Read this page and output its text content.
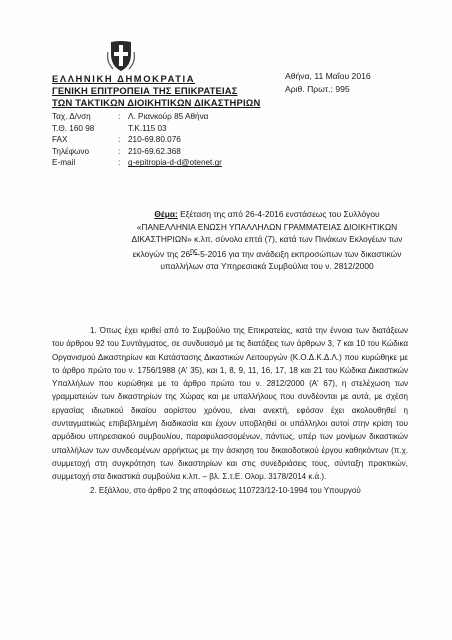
ΕΛΛΗΝΙΚΗ ΔΗΜΟΚΡΑΤΙΑ
ΓΕΝΙΚΗ ΕΠΙΤΡΟΠΕΙΑ ΤΗΣ ΕΠΙΚΡΑΤΕΙΑΣ
ΤΩΝ ΤΑΚΤΙΚΩΝ ΔΙΟΙΚΗΤΙΚΩΝ ΔΙΚΑΣΤΗΡΙΩΝ
Αθήνα, 11 Μαΐου 2016
Αριθ. Πρωτ.: 995
Ταχ. Δ/νση	: Λ. Ριανκούρ 85 Αθήνα
Τ.Θ. 160 98	Τ.Κ.115 03
FAX	: 210-69.80.076
Τηλέφωνο	: 210-69.62.368
E-mail	: g-epitropia-d-d@otenet.gr
Θέμα: Εξέταση της από 26-4-2016 ενστάσεως του Συλλόγου «ΠΑΝΕΛΛΗΝΙΑ ΕΝΩΣΗ ΥΠΑΛΛΗΛΩΝ ΓΡΑΜΜΑΤΕΙΑΣ ΔΙΟΙΚΗΤΙΚΩΝ ΔΙΚΑΣΤΗΡΙΩΝ» κ.λπ. σύνολο επτά (7), κατά των Πινάκων Εκλογέων των εκλογών της $26^{\eta\varsigma}-5-2016$ για την ανάδειξη εκπροσώπων των δικαστικών υπαλλήλων στα Υπηρεσιακά Συμβούλια του ν. 2812/2000

1. Όπως έχει κριθεί από το Συμβούλιο της Επικρατείας, κατά την έννοια των διατάξεων του άρθρου 92 του Συντάγματος, σε συνδυασμό με τις διατάξεις των άρθρων 3, 7 και 10 του Κώδικα Οργανισμού Δικαστηρίων και Κατάστασης Δικαστικών Λειτουργών (Κ.Ο.Δ.Κ.Δ.Λ.) που κυρώθηκε με το άρθρο πρώτο του ν. 1756/1988 (Α' 35), και 1, 8, 9, 11, 16, 17, 18 και 21 του Κώδικα Δικαστικών Υπαλλήλων που κυρώθηκε με το άρθρο πρώτο του ν. 2812/2000 (Α' 67), η στελέχωση των γραμματειών των δικαστηρίων της Χώρας και με υπαλλήλους που συνδέονται με αυτά, με σχέση εργασίας ιδιωτικού δικαίου αορίστου χρόνου, είναι ανεκτή, εφόσον έχει ακολουθηθεί η συνταγματικώς επιβεβλημένη διαδικασία και έχουν υποβληθεί οι υπάλληλοι αυτοί στην κρίση του αρμόδιου υπηρεσιακού συμβουλίου, παραφυλασσομένων, πάντως, υπέρ των μονίμων δικαστικών υπαλλήλων των συνδεομένων αρρήκτως με την άσκηση του δικαιοδοτικού έργου καθηκόντων (π.χ. συμμετοχή στη συγκρότηση των δικαστηρίων και στις συνεδριάσεις τους, σύνταξη πρακτικών, συμμετοχή στα δικαστικά συμβούλια κ.λπ. – βλ. Σ.τ.Ε. Ολομ. 3178/2014 κ.ά.).

2. Εξάλλου, στο άρθρο 2 της αποφάσεως 110723/12-10-1994 του Υπουργού
